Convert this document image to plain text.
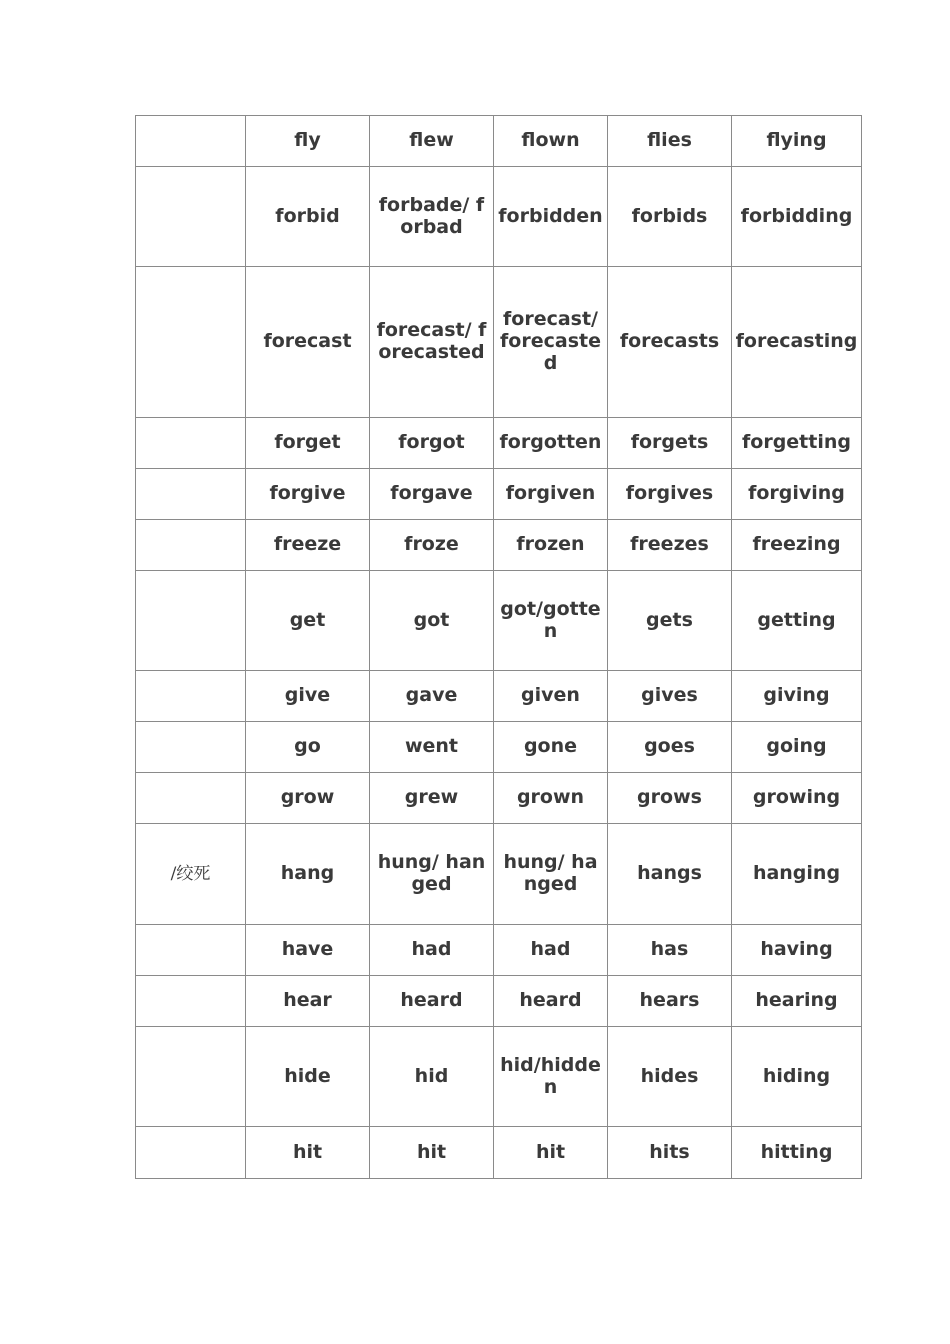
	fly	flew	flown	flies	flying
	forbid	forbade/ forbad	forbidden	forbids	forbidding
	forecast	forecast/ forecasted	forecast/ forecasted	forecasts	forecasting
	forget	forgot	forgotten	forgets	forgetting
	forgive	forgave	forgiven	forgives	forgiving
	freeze	froze	frozen	freezes	freezing
	get	got	got/gotten	gets	getting
	give	gave	given	gives	giving
	go	went	gone	goes	going
	grow	grew	grown	grows	growing
/绞死	hang	hung/ hanged	hung/ hanged	hangs	hanging
	have	had	had	has	having
	hear	heard	heard	hears	hearing
	hide	hid	hid/hidden	hides	hiding
	hit	hit	hit	hits	hitting
